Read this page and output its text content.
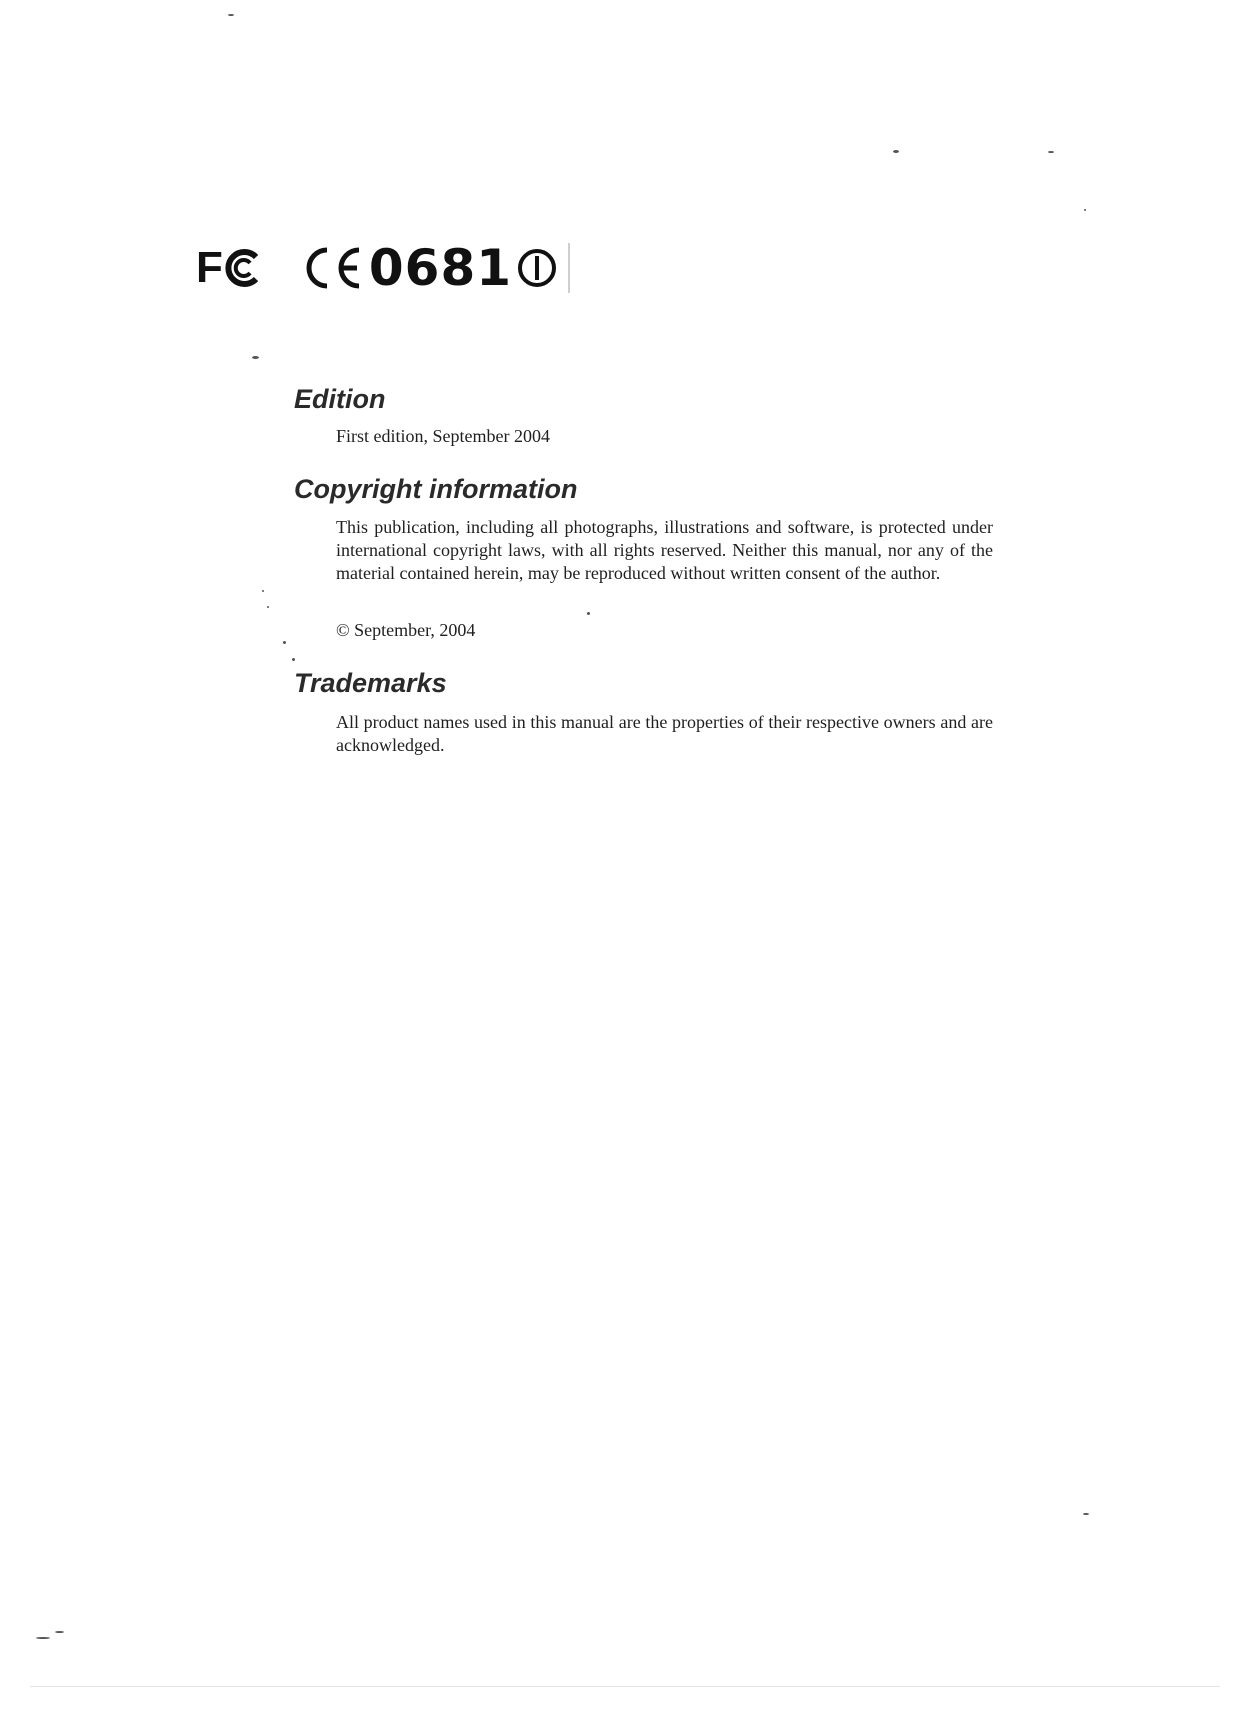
F	0681
Edition

First edition, September 2004

Copyright information

This publication, including all photographs, illustrations and software, is protected under international copyright laws, with all rights reserved. Neither this manual, nor any of the material contained herein, may be reproduced without written consent of the author.

© September, 2004

Trademarks

All product names used in this manual are the properties of their respective owners and are acknowledged.
